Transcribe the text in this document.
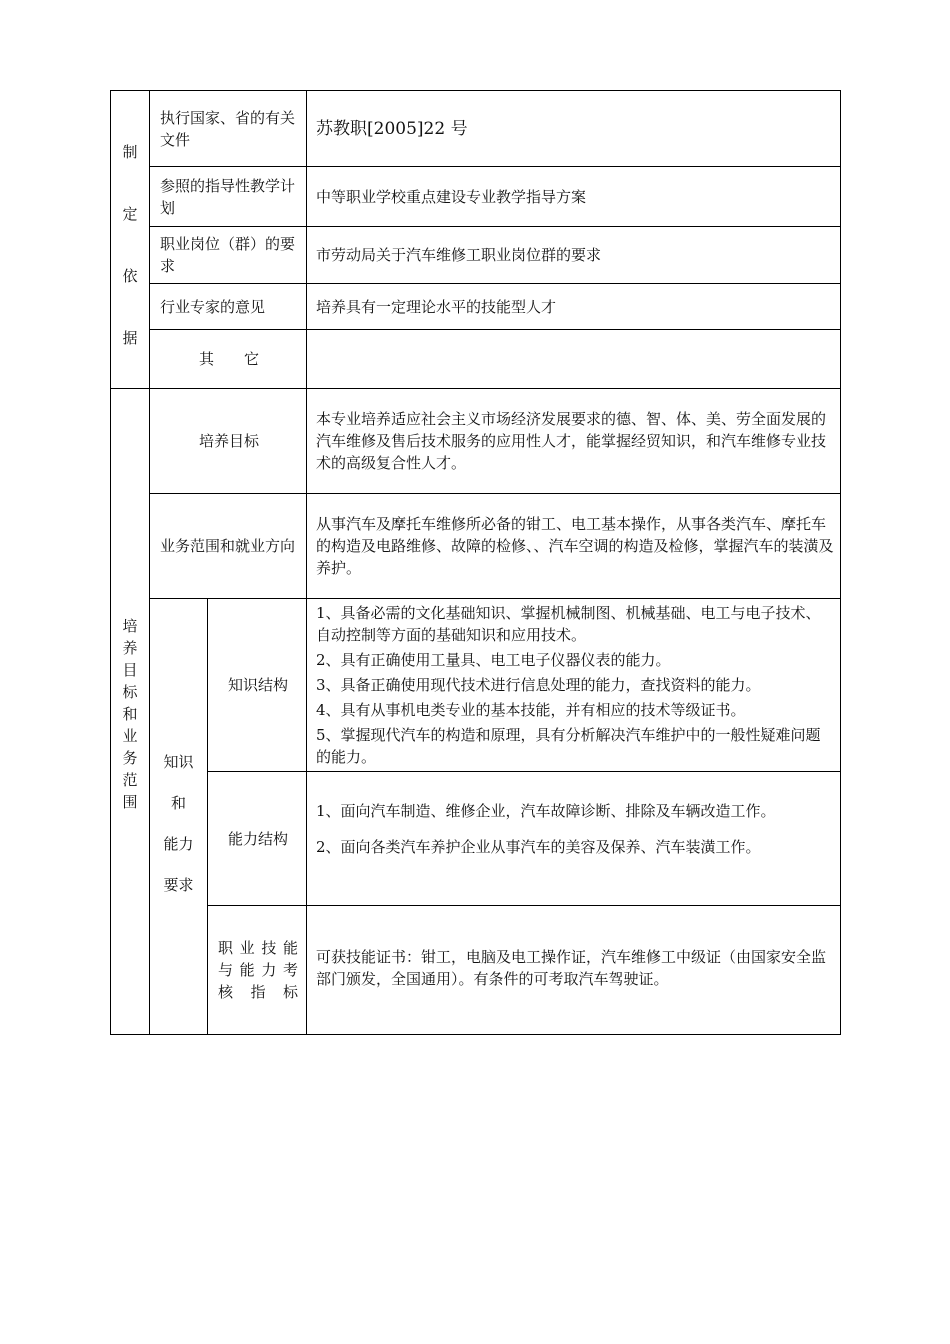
制
定
依
据
执行国家、省的有关文件
苏教职[2005]22 号
参照的指导性教学计划
中等职业学校重点建设专业教学指导方案
职业岗位（群）的要求
市劳动局关于汽车维修工职业岗位群的要求
行业专家的意见	培养具有一定理论水平的技能型人才
其　　它
培
养
目
标
和
业
务
范
围
培养目标

本专业培养适应社会主义市场经济发展要求的德、智、体、美、劳全面发展的汽车维修及售后技术服务的应用性人才，能掌握经贸知识，和汽车维修专业技术的高级复合性人才。

业务范围和就业方向

从事汽车及摩托车维修所必备的钳工、电工基本操作，从事各类汽车、摩托车的构造及电路维修、故障的检修、、汽车空调的构造及检修，掌握汽车的装潢及养护。

知识
和
能力
要求
知识结构

1、具备必需的文化基础知识、掌握机械制图、机械基础、电工与电子技术、自动控制等方面的基础知识和应用技术。

2、具有正确使用工量具、电工电子仪器仪表的能力。

3、具备正确使用现代技术进行信息处理的能力，查找资料的能力。

4、具有从事机电类专业的基本技能，并有相应的技术等级证书。

5、掌握现代汽车的构造和原理，具有分析解决汽车维护中的一般性疑难问题的能力。

能力结构

1、面向汽车制造、维修企业，汽车故障诊断、排除及车辆改造工作。

2、面向各类汽车养护企业从事汽车的美容及保养、汽车装潢工作。

职业技能
与能力考
核　指　标

可获技能证书：钳工，电脑及电工操作证，汽车维修工中级证（由国家安全监部门颁发，全国通用）。有条件的可考取汽车驾驶证。
